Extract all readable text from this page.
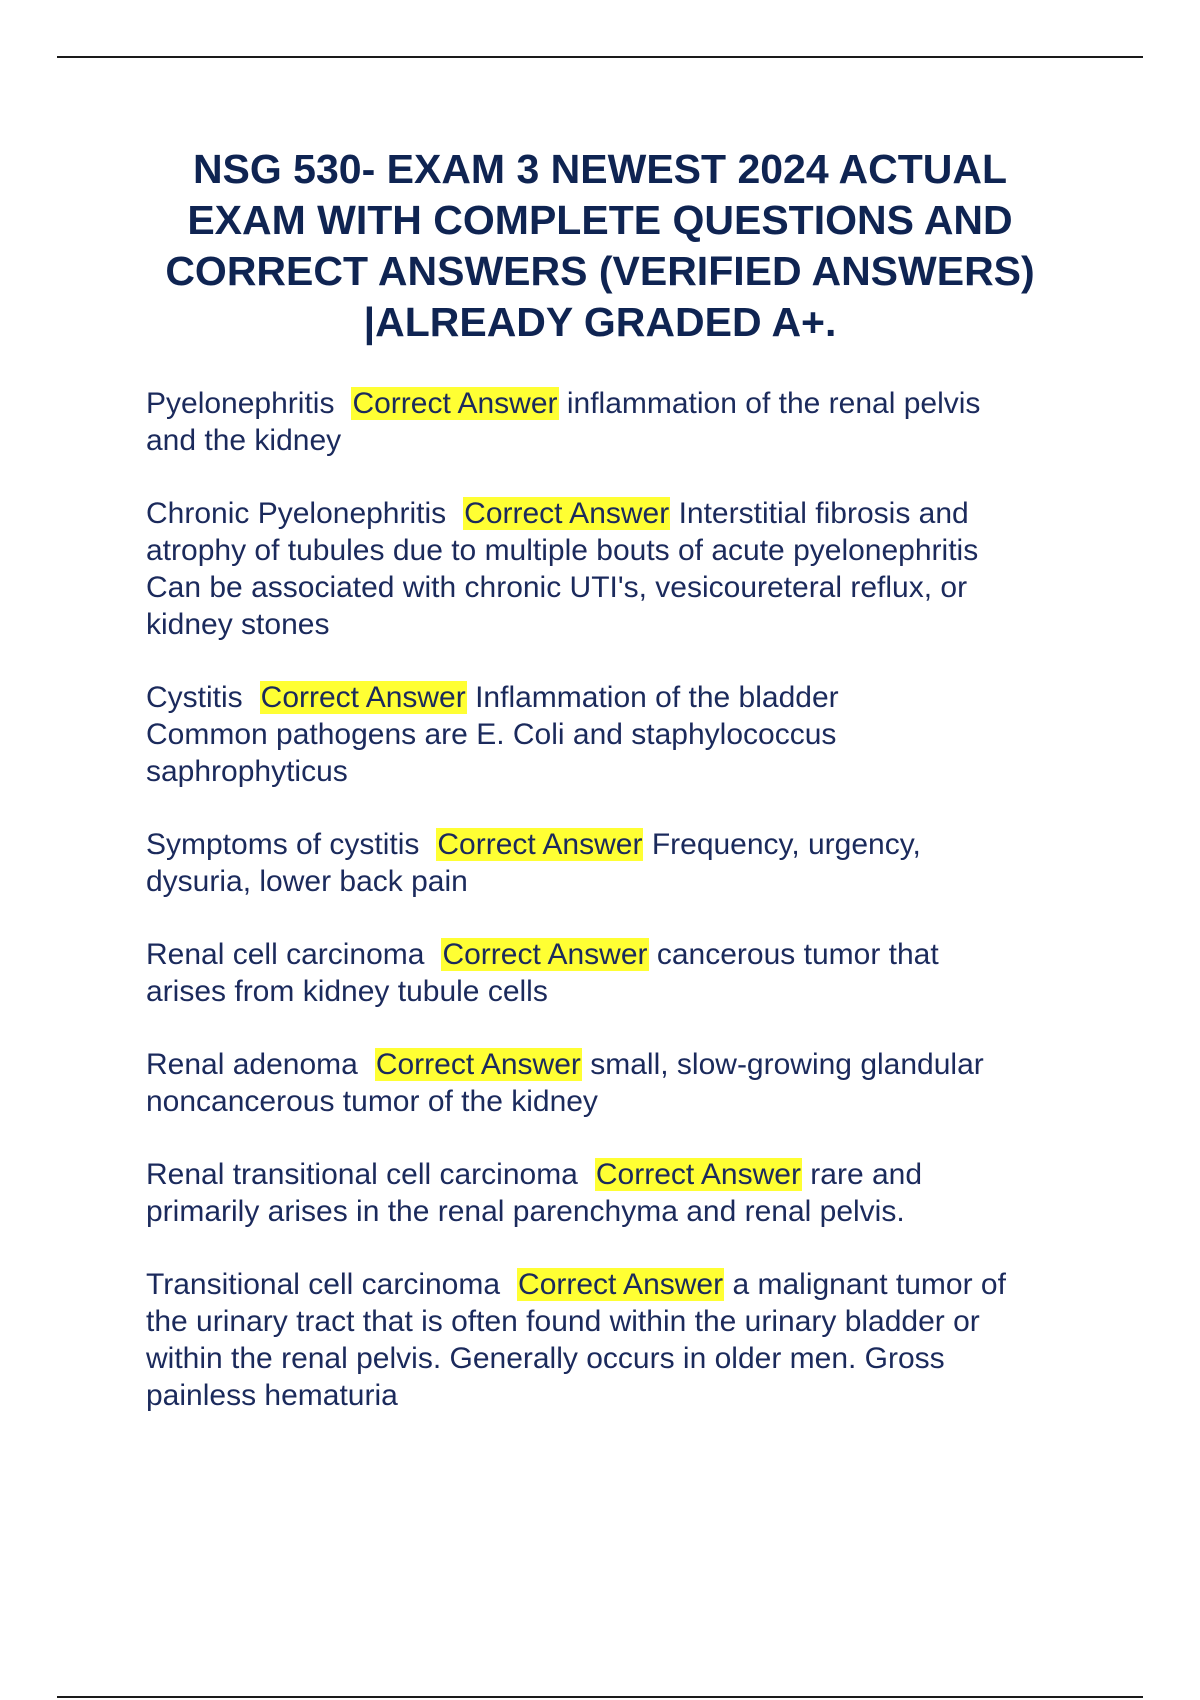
NSG 530- EXAM 3 NEWEST 2024 ACTUAL
EXAM WITH COMPLETE QUESTIONS AND
CORRECT ANSWERS (VERIFIED ANSWERS)
|ALREADY GRADED A+.

Pyelonephritis Correct Answer inflammation of the renal pelvis
and the kidney

Chronic Pyelonephritis Correct Answer Interstitial fibrosis and
atrophy of tubules due to multiple bouts of acute pyelonephritis
Can be associated with chronic UTI's, vesicoureteral reflux, or
kidney stones

Cystitis Correct Answer Inflammation of the bladder
Common pathogens are E. Coli and staphylococcus
saphrophyticus

Symptoms of cystitis Correct Answer Frequency, urgency,
dysuria, lower back pain

Renal cell carcinoma Correct Answer cancerous tumor that
arises from kidney tubule cells

Renal adenoma Correct Answer small, slow-growing glandular
noncancerous tumor of the kidney

Renal transitional cell carcinoma Correct Answer rare and
primarily arises in the renal parenchyma and renal pelvis.

Transitional cell carcinoma Correct Answer a malignant tumor of
the urinary tract that is often found within the urinary bladder or
within the renal pelvis. Generally occurs in older men. Gross
painless hematuria
